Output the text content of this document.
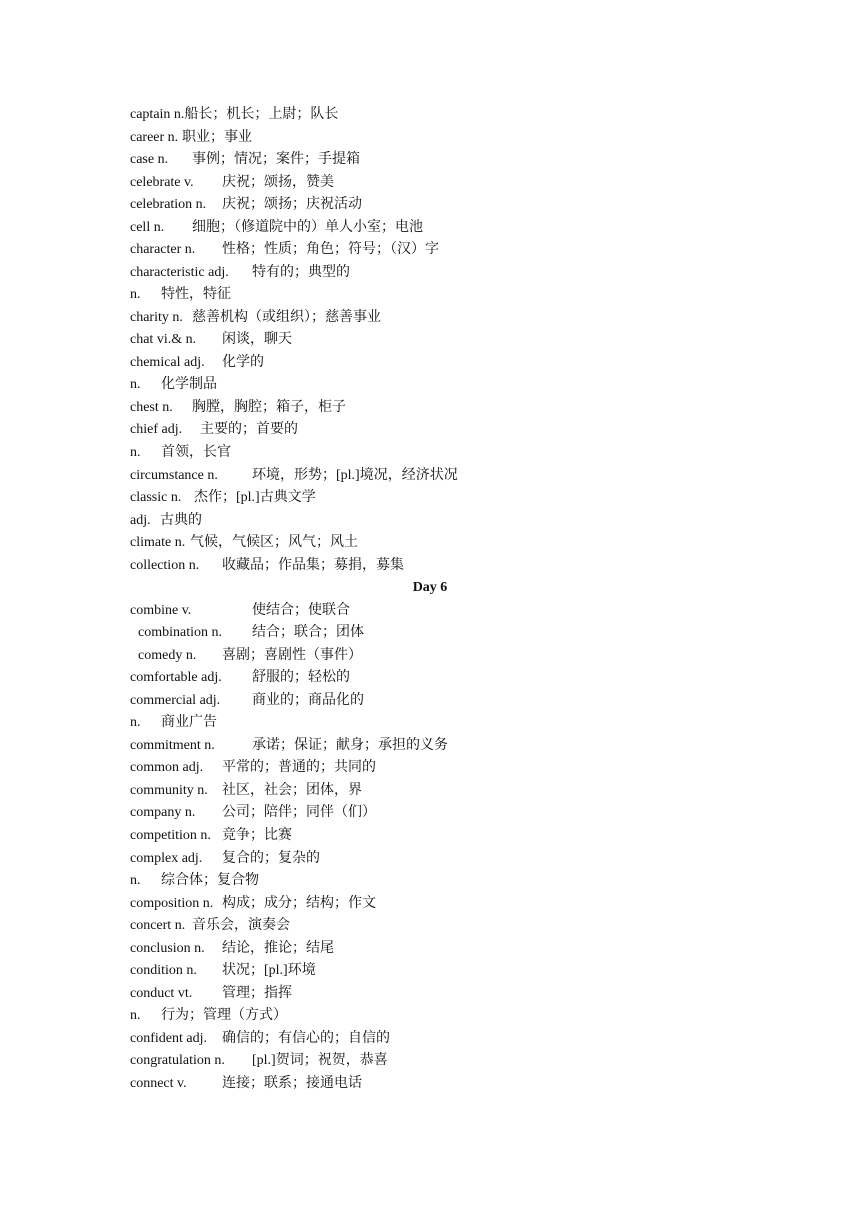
captain n.船长；机长；上尉；队长
career n. 职业；事业
case n. 事例；情况；案件；手提箱
celebrate v. 庆祝；颂扬，赞美
celebration n. 庆祝；颂扬；庆祝活动
cell n. 细胞；（修道院中的）单人小室；电池
character n. 性格；性质；角色；符号；（汉）字
characteristic adj. 特有的；典型的
n. 特性，特征
charity n. 慈善机构（或组织）；慈善事业
chat vi.& n. 闲谈，聊天
chemical adj. 化学的
n. 化学制品
chest n. 胸膛，胸腔；箱子，柜子
chief adj. 主要的；首要的
n. 首领，长官
circumstance n. 环境，形势；[pl.]境况，经济状况
classic n. 杰作；[pl.]古典文学
adj. 古典的
climate n. 气候，气候区；风气；风土
collection n. 收藏品；作品集；募捐，募集
Day 6
combine v.	使结合；使联合
combination n. 结合；联合；团体
comedy n. 喜剧；喜剧性（事件）
comfortable adj. 舒服的；轻松的
commercial adj. 商业的；商品化的
n. 商业广告
commitment n.	承诺；保证；献身；承担的义务
common adj. 平常的；普通的；共同的
community n. 社区，社会；团体，界
company n. 公司；陪伴；同伴（们）
competition n. 竞争；比赛
complex adj. 复合的；复杂的
n. 综合体；复合物
composition n. 构成；成分；结构；作文
concert n. 音乐会，演奏会
conclusion n. 结论，推论；结尾
condition n. 状况；[pl.]环境
conduct vt. 管理；指挥
n. 行为；管理（方式）
confident adj. 确信的；有信心的；自信的
congratulation n. [pl.]贺词；祝贺，恭喜
connect v.	连接；联系；接通电话
